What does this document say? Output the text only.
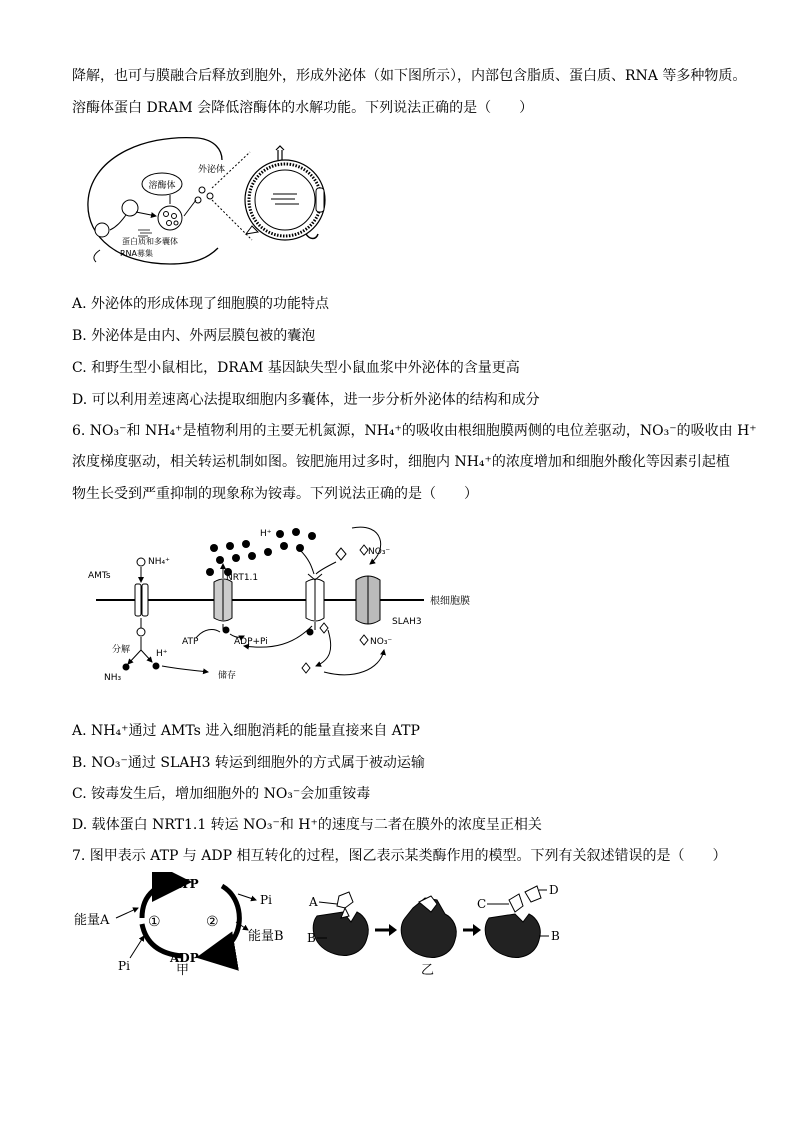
降解，也可与膜融合后释放到胞外，形成外泌体（如下图所示），内部包含脂质、蛋白质、RNA 等多种物质。
溶酶体蛋白 DRAM 会降低溶酶体的水解功能。下列说法正确的是（　　）
溶酶体
蛋白质和多囊体
RNA募集
外泌体
A. 外泌体的形成体现了细胞膜的功能特点
B. 外泌体是由内、外两层膜包被的囊泡
C. 和野生型小鼠相比，DRAM 基因缺失型小鼠血浆中外泌体的含量更高
D. 可以利用差速离心法提取细胞内多囊体，进一步分析外泌体的结构和成分
6. NO₃⁻和 NH₄⁺是植物利用的主要无机氮源，NH₄⁺的吸收由根细胞膜两侧的电位差驱动，NO₃⁻的吸收由 H⁺
浓度梯度驱动，相关转运机制如图。铵肥施用过多时，细胞内 NH₄⁺的浓度增加和细胞外酸化等因素引起植
物生长受到严重抑制的现象称为铵毒。下列说法正确的是（　　）
根细胞膜
AMTs
NH₄⁺
分解
NH₃
H⁺
储存
ATP	ADP+Pi
H⁺
NRT1.1
NO₃⁻
SLAH3
NO₃⁻
A. NH₄⁺通过 AMTs 进入细胞消耗的能量直接来自 ATP
B. NO₃⁻通过 SLAH3 转运到细胞外的方式属于被动运输
C. 铵毒发生后，增加细胞外的 NO₃⁻会加重铵毒
D. 载体蛋白 NRT1.1 转运 NO₃⁻和 H⁺的速度与二者在膜外的浓度呈正相关
7. 图甲表示 ATP 与 ADP 相互转化的过程，图乙表示某类酶作用的模型。下列有关叙述错误的是（　　）
ATP
ADP
①	②
能量A
Pi
Pi
能量B
甲
A
B
C
D
B
乙
